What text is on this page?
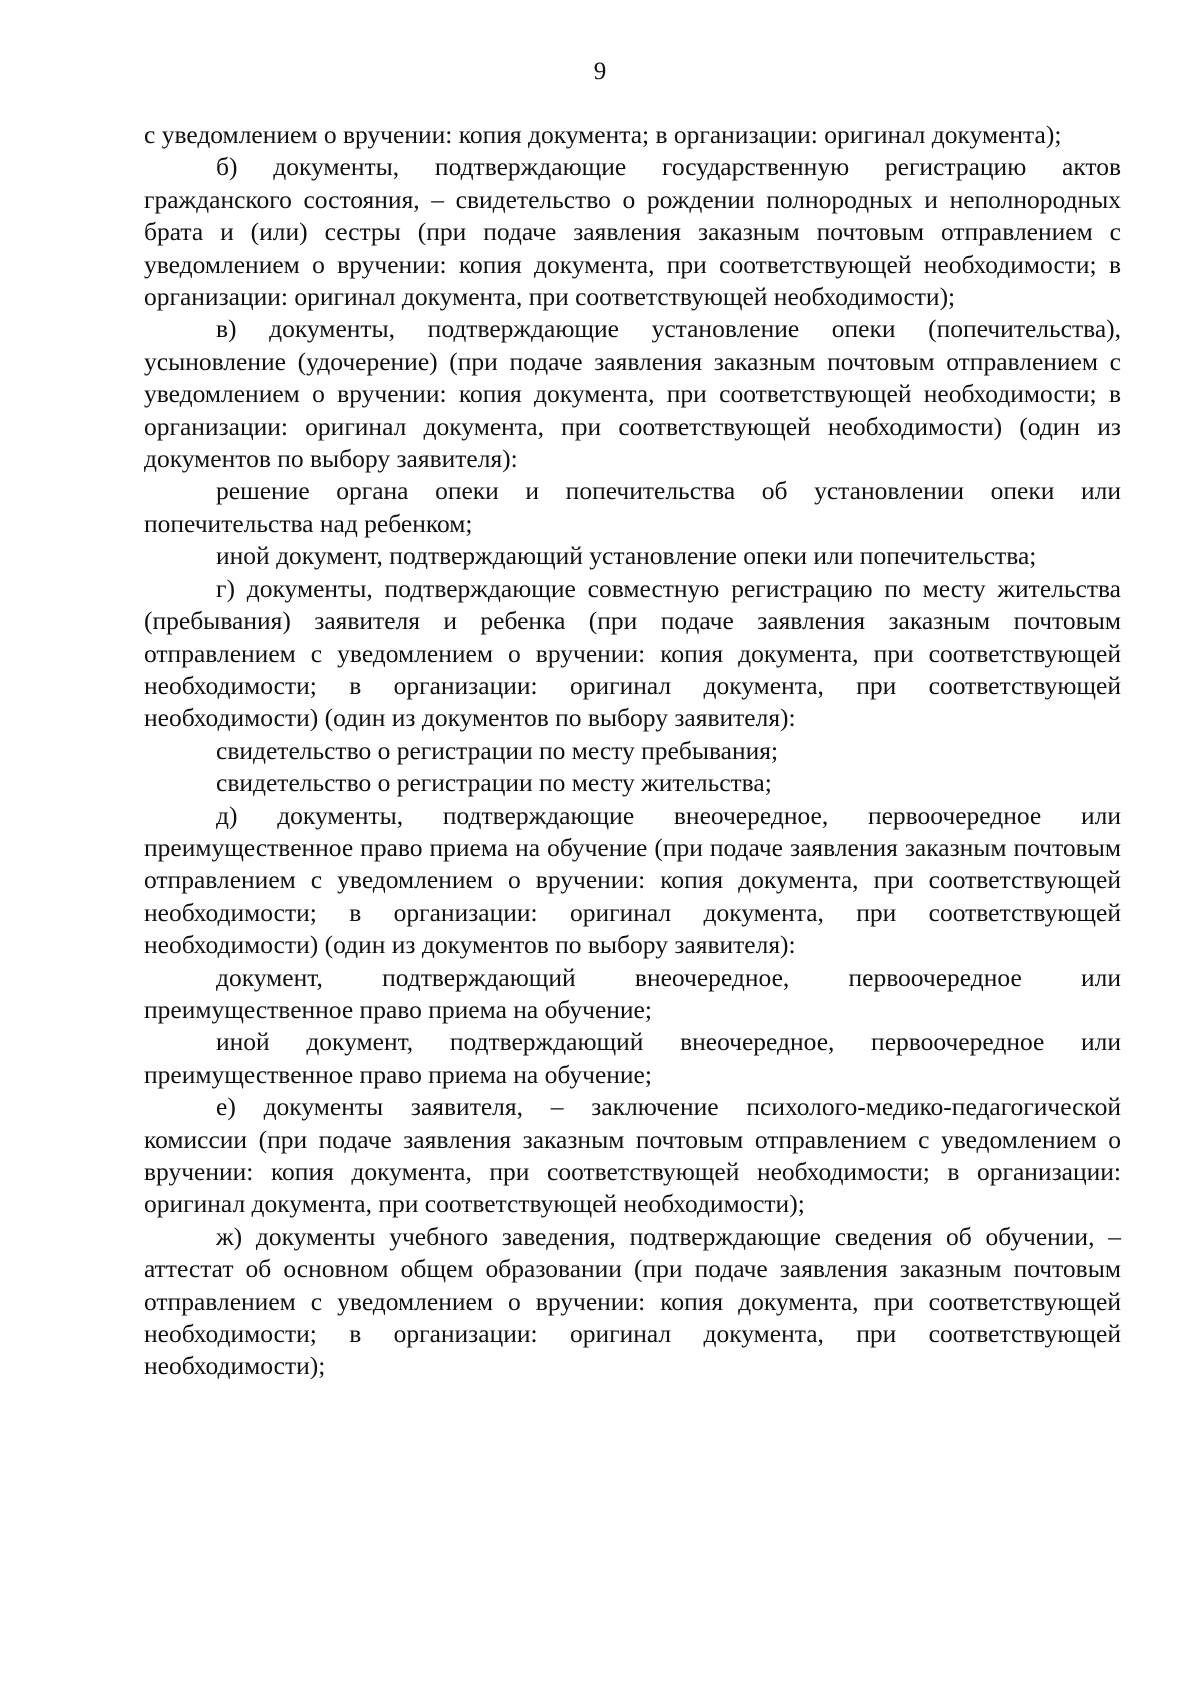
9

с уведомлением о вручении: копия документа; в организации: оригинал документа);

б) документы, подтверждающие государственную регистрацию актов гражданского состояния, – свидетельство о рождении полнородных и неполнородных брата и (или) сестры (при подаче заявления заказным почтовым отправлением с уведомлением о вручении: копия документа, при соответствующей необходимости; в организации: оригинал документа, при соответствующей необходимости);

в) документы, подтверждающие установление опеки (попечительства), усыновление (удочерение) (при подаче заявления заказным почтовым отправлением с уведомлением о вручении: копия документа, при соответствующей необходимости; в организации: оригинал документа, при соответствующей необходимости) (один из документов по выбору заявителя):

решение органа опеки и попечительства об установлении опеки или попечительства над ребенком;

иной документ, подтверждающий установление опеки или попечительства;

г) документы, подтверждающие совместную регистрацию по месту жительства (пребывания) заявителя и ребенка (при подаче заявления заказным почтовым отправлением с уведомлением о вручении: копия документа, при соответствующей необходимости; в организации: оригинал документа, при соответствующей необходимости) (один из документов по выбору заявителя):

свидетельство о регистрации по месту пребывания;

свидетельство о регистрации по месту жительства;

д) документы, подтверждающие внеочередное, первоочередное или преимущественное право приема на обучение (при подаче заявления заказным почтовым отправлением с уведомлением о вручении: копия документа, при соответствующей необходимости; в организации: оригинал документа, при соответствующей необходимости) (один из документов по выбору заявителя):

документ, подтверждающий внеочередное, первоочередное или преимущественное право приема на обучение;

иной документ, подтверждающий внеочередное, первоочередное или преимущественное право приема на обучение;

е) документы заявителя, – заключение психолого-медико-педагогической комиссии (при подаче заявления заказным почтовым отправлением с уведомлением о вручении: копия документа, при соответствующей необходимости; в организации: оригинал документа, при соответствующей необходимости);

ж) документы учебного заведения, подтверждающие сведения об обучении, – аттестат об основном общем образовании (при подаче заявления заказным почтовым отправлением с уведомлением о вручении: копия документа, при соответствующей необходимости; в организации: оригинал документа, при соответствующей необходимости);
